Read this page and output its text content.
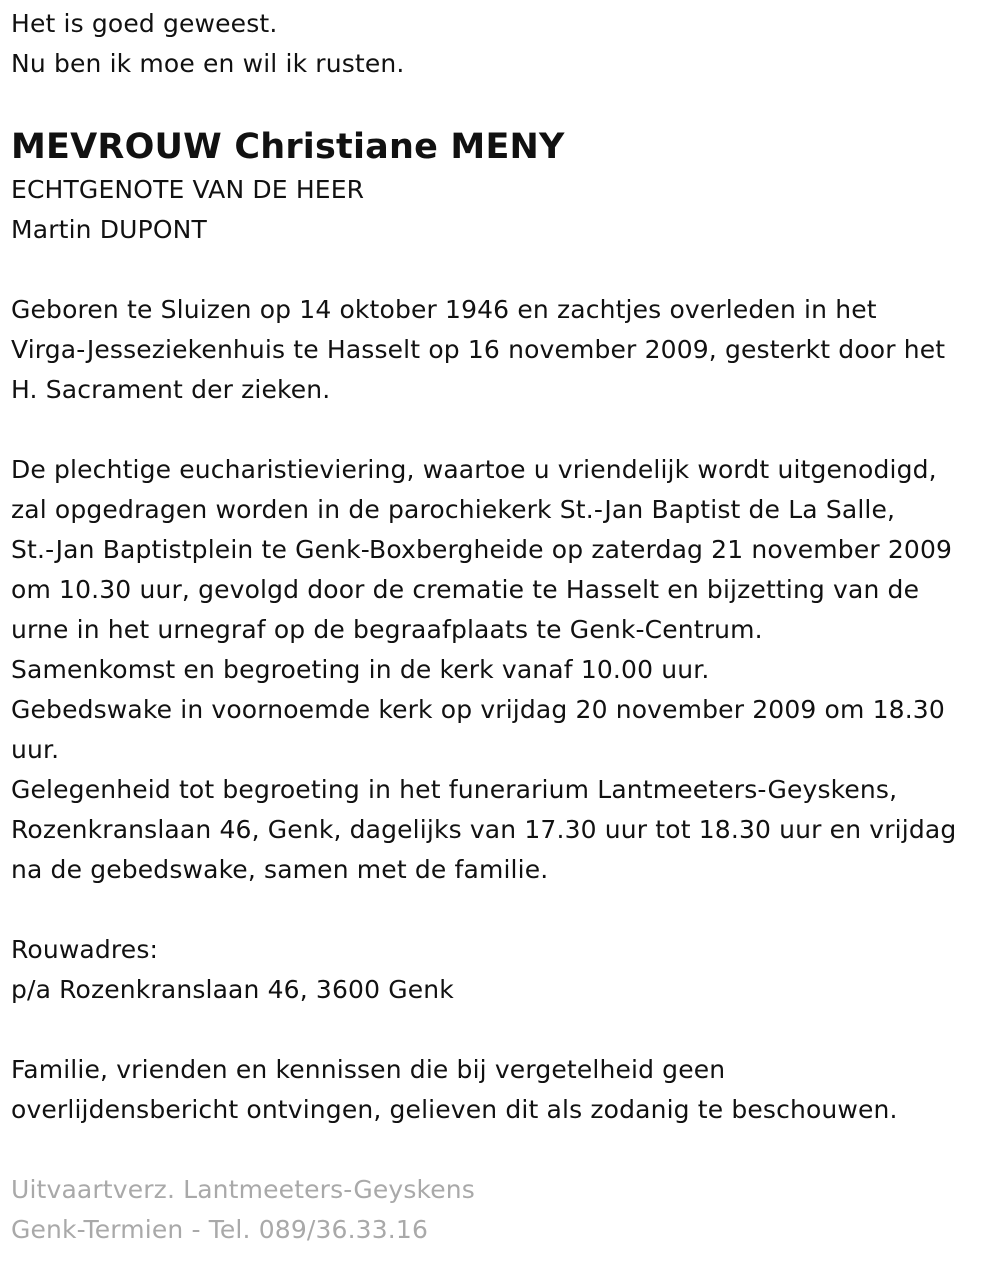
Het is goed geweest.
Nu ben ik moe en wil ik rusten.
MEVROUW Christiane MENY
ECHTGENOTE VAN DE HEER
Martin DUPONT
Geboren te Sluizen op 14 oktober 1946 en zachtjes overleden in het
Virga-Jesseziekenhuis te Hasselt op 16 november 2009, gesterkt door het
H. Sacrament der zieken.
De plechtige eucharistieviering, waartoe u vriendelijk wordt uitgenodigd,
zal opgedragen worden in de parochiekerk St.-Jan Baptist de La Salle,
St.-Jan Baptistplein te Genk-Boxbergheide op zaterdag 21 november 2009
om 10.30 uur, gevolgd door de crematie te Hasselt en bijzetting van de
urne in het urnegraf op de begraafplaats te Genk-Centrum.
Samenkomst en begroeting in de kerk vanaf 10.00 uur.
Gebedswake in voornoemde kerk op vrijdag 20 november 2009 om 18.30
uur.
Gelegenheid tot begroeting in het funerarium Lantmeeters-Geyskens,
Rozenkranslaan 46, Genk, dagelijks van 17.30 uur tot 18.30 uur en vrijdag
na de gebedswake, samen met de familie.
Rouwadres:
p/a Rozenkranslaan 46, 3600 Genk
Familie, vrienden en kennissen die bij vergetelheid geen
overlijdensbericht ontvingen, gelieven dit als zodanig te beschouwen.
Uitvaartverz. Lantmeeters-Geyskens
Genk-Termien - Tel. 089/36.33.16
